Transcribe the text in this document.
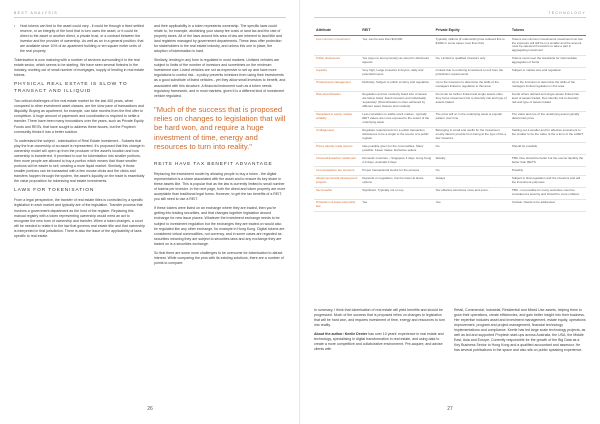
BEST ANALYSIS
• Host tokens can tied to the asset could vary - it could be through a fixed settled reserve, or an integrity of the fund that in turn owns the asset, or it could be direct to the asset or another direct, a private trust, or a contract between the investor and the provider of ownership. As well as an in a general position, that are available since 10% of an apartment building or ten square meter units of the real property

Tokenisation is now maturing with a number of services surrounding it in the real estate sector, which seems to be starting. We have seen several fintechs in the industry, working out of small number of mortgages, supply of lending in real estate tokens.

PHYSICAL REAL ESTATE IS SLOW TO TRANSACT AND ILLIQUID

Two critical challenges of the real estate market for the last 400 years, when compared to other investment asset classes, are the slow pace of transactions and illiquidity. Buying an apartment, for example, can take months from the first offer to completion. A huge amount of paperwork and coordination is required to settle a transfer. There have been many innovations over the years, such as Private Equity Funds and REITs, that have sought to address these issues, but the Proptech community thinks it has a better solution.

To understand the subject - tokenisation of Real Estate Investment - Subsets that play the true ownership of an asset is represented. It's proposed that this change in ownership model will open up from the producer of the asset's location and how ownership is transferred. It promised to use for tokenisation into smaller portions, then more people are allowed to buy a portion which means that those smaller portions will be easier to sell, creating a more liquid market. Similarly, if those smaller portions can be transacted with a few mouse clicks and the clicks and transfers happen through the system, the asset's liquidity on the trade is essentially the value proposition for tokenising real estate investments.

LAWS FOR TOKENISATION

From a legal perspective, the transfer of real estate titles is controlled by a specific legislation in each market and typically are of the legislation. Transfer process that involves a government department as the host of the register. Replacing this manual registry with a token representing ownership would need an act to recognise the new form of ownership and transfer. When a token changes, a court will be needed to relate it to the law that governs real estate title and that ownership is interpreted in that jurisdiction. There is also the issue of the applicability of laws specific to real estate.

and their applicability in a token represents ownership. The specific laws could relate to, for example, abolishing your stamp fee costs or land tax and the rate of property taxes. All of the laws around this area of law are inherent to land title and land registries managed by government departments. These laws offer protection for stakeholders in the real estate industry, and unless this one in place, the adoption of tokenisation is hard.

Similarly, lending in any form is regulated in most markets. Unlisted vehicles are subject to limits of the number of investors and sometimes on the minimum investment size. Listed vehicles are not as expensive to set up and have more regulations to control risk - a policy prevents investors from using their investments as a good substitute of listed vehicles - yet they allow small investors to benefit, and associated with this structure. A financial instrument such as a token needs regulatory framework, and in most markets, given it is a different kind of investment vehicle regulated.

"Much of the success that is proposed relies on changes to legislation that will be hard won, and require a huge investment of time, energy and resources to turn into reality."
REITS HAVE TAX BENEFIT ADVANTAGE

Replacing the investment model by allowing people to buy a token - the digital representation is a share associated with the asset and to ensure its key share in these assets like. This is popular that as the law is currently limited to small number of tokens per investor. In the next page, both the direct and token property are more acceptable than traditional legal forms. However, to get the tax benefits of a REIT, you still need to use a REIT.

If these tokens were listed on an exchange where they are traded, then you're getting into trading securities, and that changes together legislation around exchange for new issue places. Whatever the investment exchange needs to be subject to investment regulation but the exchanges they are traded on would also be regulated like any other exchange, for example in Hong Kong. Digital tokens are considered virtual commodities, not currency, and in some cases are regarded as securities meaning they are subject to securities laws and any exchange they are traded on is a securities exchange.

So that there are some more challenges to be overcome for tokenisation to attract interest. While comparing the pros with its existing solutions, there are a number of points to compare:

26
TECHNOLOGY
Attribute	REIT	Private Equity	Tokens
Low minimum investment	Yes, can be less than $10,000	Typically millions (if underwriting has reduced this to $100k in some cases, less than this)	Tokens are minimum investments investment into low the exposure will still be in a smaller and the amount must be selected if investors to take a part in aggregating investment
Public disclosures	Yes (open to anonymously) as stored in disclosure aspects	No, Limited to qualified investors only	Tokens must meet the standards for intermediate aggregation of funds
Liquidity	Very high, Large investors & buyers, daily and potential buyers	Limited due to enduring investment to exit from the jurisdiction requirements	Subject to market size and regulation
Professional management	Definitely. Subject to public scrutiny and regulation	Up to the investors to determine the skills of the managers linked to regulation in this area	Up to the investors to determine the skills of the managers limited regulation in this area
Risk diversification	Regulation and tax modestly listed size of assets are listed, listed, listed investors and individually 'separately' (Diversification is often achieved by different asset classes and markets)	Fund can be further limited and single assets often they focus investment risk to diversify risk and type of assets traded	Funds where defined and single assets limited risk, level of assets traded, thus identify risk to diversify risk and type of assets traded
Separated to equity market volatility	Less correlation to stable stock market - typically REIT values are more exposed to the extent of the underlying asset	The price will on in the underlying asset is popular pattern over time	The value and one of the underlying asset typically determines price
Undiagnosed	Regulator requirements for a public transaction disclosures to be a single to the source of a public register	Belonging to small and useful for the investment mostly ideal to provide from being at the type of the a few investors	Settling out a smaller and for effective investment to the smaller to be the value of the a form of the a REIT
Prices directly trade stream	Has possible given for the commodities. Many possible. Fewer trades. Exclusive sellers	No	Should be possible
Income/transaction settlement	Domestic countries ~ Singapore 3 days, Hong Kong 2-3 days, Australia 3 days	Weekly	TBD, Due should be better but the sooner liquidity the better than REITS
Low transaction fee structure	Proper transactional stocks for the process	No	Possibly
Allows tax benefit development projects	Depends on regulation. Can be lower at share options	Always	Subject to final regulation and the investors and will the investment purposes
Tax benefits	Significant. Typically not on top	Tax effective structures more and sums.	TBD - not possible for many securities count be considered a security and should be more unlisted.
Protection of asset ownership law	Yes	Yes	Unclear. Needs to be addressed

In summary, I think that tokenisation of real estate will yield benefits and should be progressed. Much of the success that is proposed relies on changes to legislation that will be hard won, and requires investment of time, energy and resources to turn into reality.

About the author: Keelie Dexter has over 10 years' experience in real estate and technology, specialising in digital transformation in real estate, and using data to create a more competitive and collaborative environment. Pre-acquire, and advise clients with

Retail, Commercial, Industrial, Residential and Mixed Use assets, helping them to grow their operations, create efficiencies, and gain better insight into their business. Her expertise includes asset and investment management, estate equity, operations improvement, program and project management, financial technology implementations and compliance. Keelie has led large scale technology projects, as well as led and supported Proptech start-ups across Australia, the USA, the Middle East, Asia and Europe. Currently responsible for the growth of the Big Data as a Key Business Sector to Hong Kong and a qualified accountant and assessor. He has several publications in the space and also sits on public speaking experience.

27
